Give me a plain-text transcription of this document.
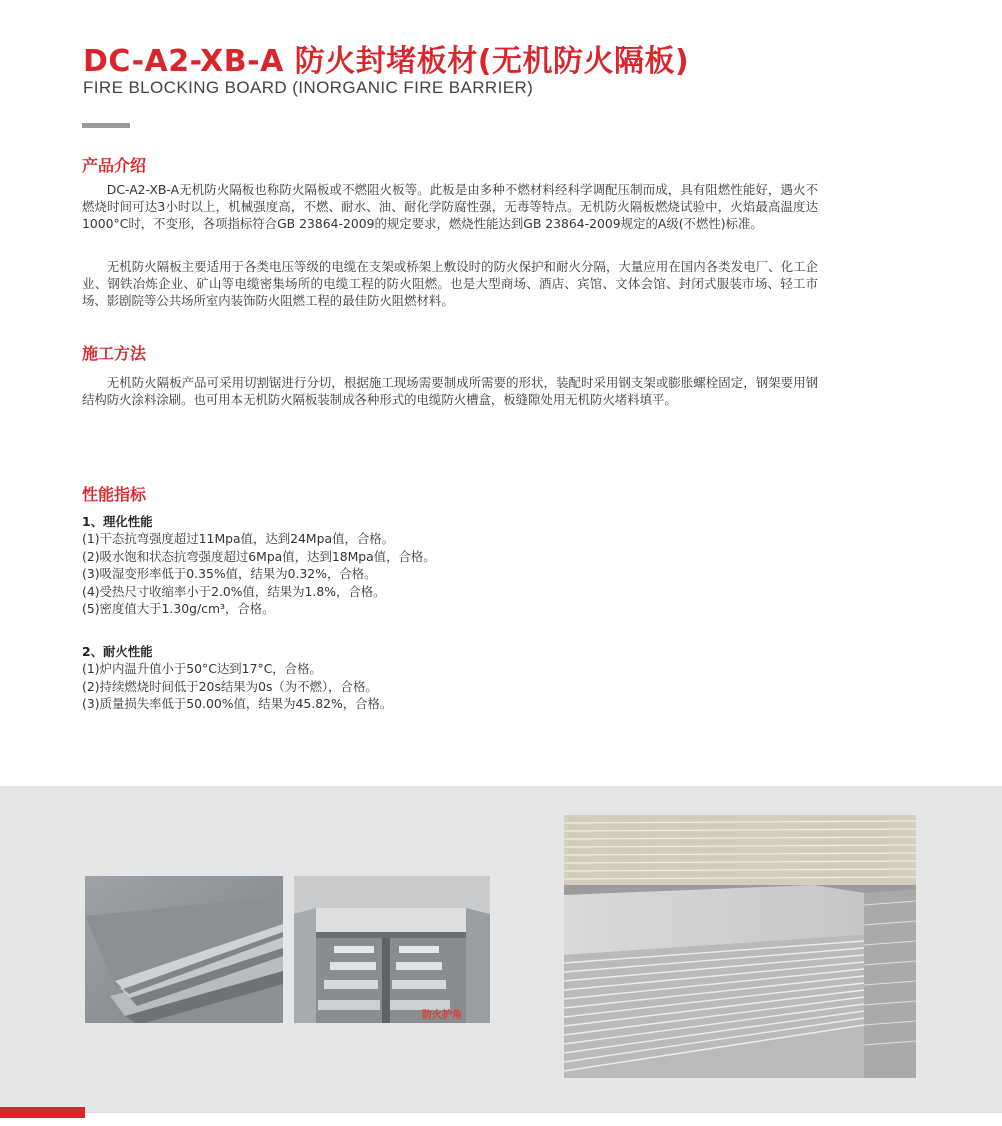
DC-A2-XB-A 防火封堵板材(无机防火隔板)
FIRE BLOCKING BOARD (INORGANIC FIRE BARRIER)
产品介绍

DC-A2-XB-A无机防火隔板也称防火隔板或不燃阻火板等。此板是由多种不燃材料经科学调配压制而成，具有阻燃性能好，遇火不燃烧时间可达3小时以上，机械强度高，不燃、耐水、油、耐化学防腐性强，无毒等特点。无机防火隔板燃烧试验中，火焰最高温度达1000°C时，不变形，各项指标符合GB 23864-2009的规定要求，燃烧性能达到GB 23864-2009规定的A级(不燃性)标准。

无机防火隔板主要适用于各类电压等级的电缆在支架或桥架上敷设时的防火保护和耐火分隔，大量应用在国内各类发电厂、化工企业、钢铁冶炼企业、矿山等电缆密集场所的电缆工程的防火阻燃。也是大型商场、酒店、宾馆、文体会馆、封闭式服装市场、轻工市场、影剧院等公共场所室内装饰防火阻燃工程的最佳防火阻燃材料。

施工方法

无机防火隔板产品可采用切割锯进行分切，根据施工现场需要制成所需要的形状，装配时采用钢支架或膨胀螺栓固定，钢架要用钢结构防火涂料涂刷。也可用本无机防火隔板装制成各种形式的电缆防火槽盒，板缝隙处用无机防火堵料填平。

性能指标
1、理化性能
(1)干态抗弯强度超过11Mpa值，达到24Mpa值，合格。
(2)吸水饱和状态抗弯强度超过6Mpa值，达到18Mpa值，合格。
(3)吸湿变形率低于0.35%值，结果为0.32%，合格。
(4)受热尺寸收缩率小于2.0%值，结果为1.8%，合格。
(5)密度值大于1.30g/cm³，合格。
2、耐火性能
(1)炉内温升值小于50°C达到17°C，合格。
(2)持续燃烧时间低于20s结果为0s（为不燃），合格。
(3)质量损失率低于50.00%值，结果为45.82%，合格。
防火护角
